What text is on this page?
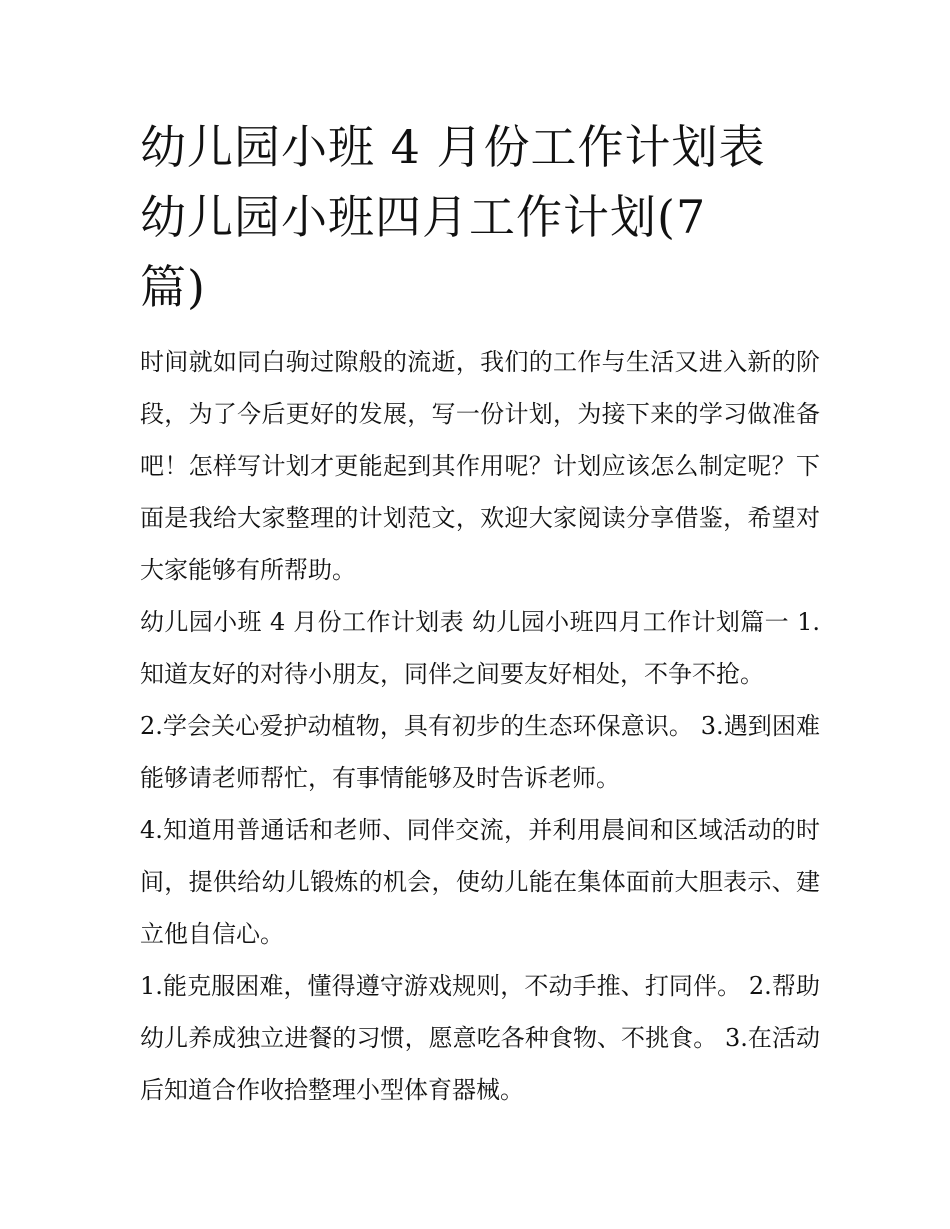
幼儿园小班 4 月份工作计划表
幼儿园小班四月工作计划(7
篇)

时间就如同白驹过隙般的流逝，我们的工作与生活又进入新的阶段，为了今后更好的发展，写一份计划，为接下来的学习做准备吧！怎样写计划才更能起到其作用呢？计划应该怎么制定呢？下面是我给大家整理的计划范文，欢迎大家阅读分享借鉴，希望对大家能够有所帮助。

幼儿园小班 4 月份工作计划表 幼儿园小班四月工作计划篇一 1.知道友好的对待小朋友，同伴之间要友好相处，不争不抢。

2.学会关心爱护动植物，具有初步的生态环保意识。 3.遇到困难能够请老师帮忙，有事情能够及时告诉老师。

4.知道用普通话和老师、同伴交流，并利用晨间和区域活动的时间，提供给幼儿锻炼的机会，使幼儿能在集体面前大胆表示、建立他自信心。

1.能克服困难，懂得遵守游戏规则，不动手推、打同伴。 2.帮助幼儿养成独立进餐的习惯，愿意吃各种食物、不挑食。 3.在活动后知道合作收拾整理小型体育器械。
